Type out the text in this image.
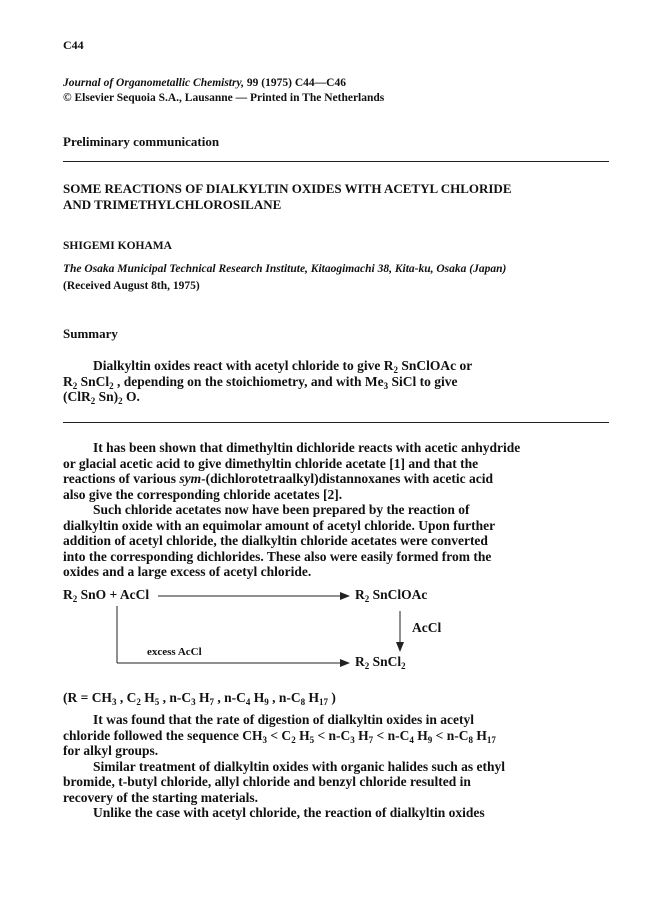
C44
Journal of Organometallic Chemistry, 99 (1975) C44—C46
© Elsevier Sequoia S.A., Lausanne — Printed in The Netherlands
Preliminary communication
SOME REACTIONS OF DIALKYLTIN OXIDES WITH ACETYL CHLORIDE
AND TRIMETHYLCHLOROSILANE
SHIGEMI KOHAMA
The Osaka Municipal Technical Research Institute, Kitaogimachi 38, Kita-ku, Osaka (Japan)
(Received August 8th, 1975)
Summary
Dialkyltin oxides react with acetyl chloride to give $R_2$ SnClOAc or
$R_2$ SnCl$_2$ , depending on the stoichiometry, and with $Me_3$ SiCl to give
(ClR$_2$ $Sn)_2$ O.
It has been shown that dimethyltin dichloride reacts with acetic anhydride
or glacial acetic acid to give dimethyltin chloride acetate [1] and that the
reactions of various sym-(dichlorotetraalkyl)distannoxanes with acetic acid
also give the corresponding chloride acetates [2].
Such chloride acetates now have been prepared by the reaction of
dialkyltin oxide with an equimolar amount of acetyl chloride. Upon further
addition of acetyl chloride, the dialkyltin chloride acetates were converted
into the corresponding dichlorides. These also were easily formed from the
oxides and a large excess of acetyl chloride.
$R_2$ SnO + AcCl	$R_2$ SnClOAc
AcCl
excess AcCl
$R_2$ SnCl$_2$
($R = CH_3$ , $C_2$ $H_5$ , $n-C_3$ $H_7$ , $n-C_4$ $H_9$ , $n-C_8$ $H_{17}$ )
It was found that the rate of digestion of dialkyltin oxides in acetyl
chloride followed the sequence $CH_3 < C_2$ $H_5 < n-C_3$ $H_7 < n-C_4$ $H_9 < n-C_8$ $H_{17}$
for alkyl groups.
Similar treatment of dialkyltin oxides with organic halides such as ethyl
bromide, t-butyl chloride, allyl chloride and benzyl chloride resulted in
recovery of the starting materials.
Unlike the case with acetyl chloride, the reaction of dialkyltin oxides
